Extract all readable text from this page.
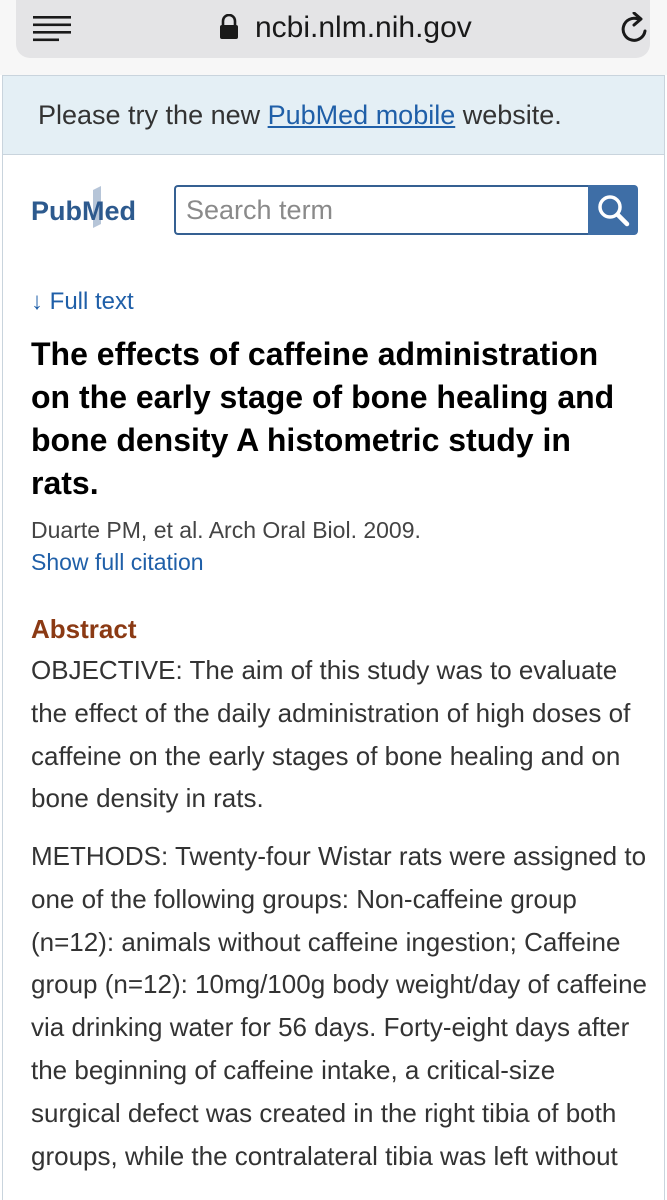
ncbi.nlm.nih.gov
Please try the new PubMed mobile website.
PubMed
Search term
↓ Full text
The effects of caffeine administration on the early stage of bone healing and bone density A histometric study in rats.
Duarte PM, et al. Arch Oral Biol. 2009.
Show full citation
Abstract

OBJECTIVE: The aim of this study was to evaluate the effect of the daily administration of high doses of caffeine on the early stages of bone healing and on bone density in rats.

METHODS: Twenty-four Wistar rats were assigned to one of the following groups: Non-caffeine group (n=12): animals without caffeine ingestion; Caffeine group (n=12): 10mg/100g body weight/day of caffeine via drinking water for 56 days. Forty-eight days after the beginning of caffeine intake, a critical-size surgical defect was created in the right tibia of both groups, while the contralateral tibia was left without
